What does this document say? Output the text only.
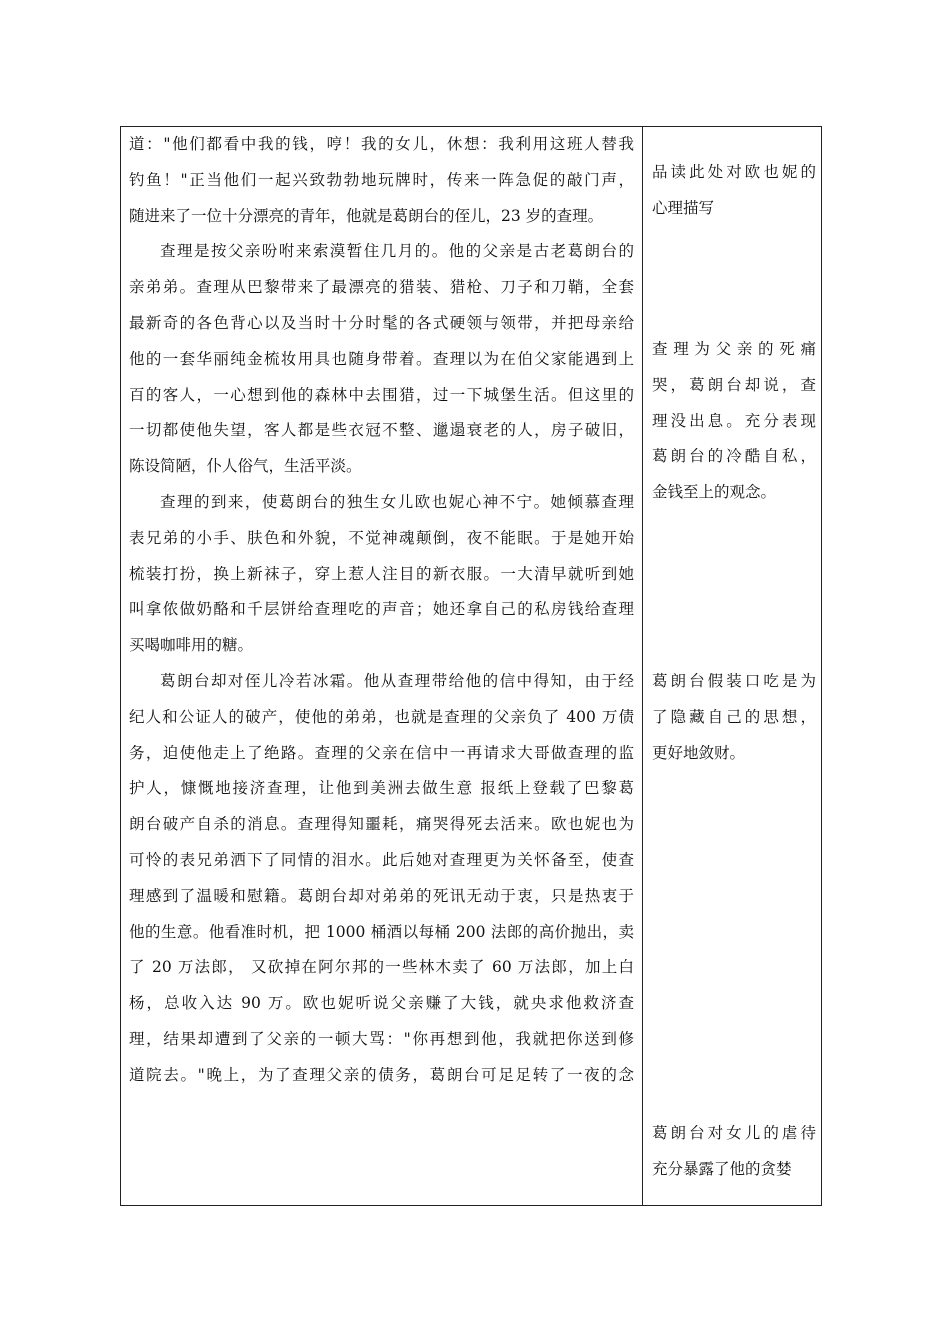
道："他们都看中我的钱，哼！我的女儿，休想：我利用这班人替我
钓鱼！"正当他们一起兴致勃勃地玩牌时，传来一阵急促的敲门声，
随进来了一位十分漂亮的青年，他就是葛朗台的侄儿，23 岁的查理。
查理是按父亲吩咐来索漠暂住几月的。他的父亲是古老葛朗台的
亲弟弟。查理从巴黎带来了最漂亮的猎装、猎枪、刀子和刀鞘，全套
最新奇的各色背心以及当时十分时髦的各式硬领与领带，并把母亲给
他的一套华丽纯金梳妆用具也随身带着。查理以为在伯父家能遇到上
百的客人，一心想到他的森林中去围猎，过一下城堡生活。但这里的
一切都使他失望，客人都是些衣冠不整、邋遢衰老的人，房子破旧，
陈设简陋，仆人俗气，生活平淡。
查理的到来，使葛朗台的独生女儿欧也妮心神不宁。她倾慕查理
表兄弟的小手、肤色和外貌，不觉神魂颠倒，夜不能眠。于是她开始
梳装打扮，换上新袜子，穿上惹人注目的新衣服。一大清早就听到她
叫拿侬做奶酪和千层饼给查理吃的声音；她还拿自己的私房钱给查理
买喝咖啡用的糖。
葛朗台却对侄儿冷若冰霜。他从查理带给他的信中得知，由于经
纪人和公证人的破产，使他的弟弟，也就是查理的父亲负了 400 万债
务，迫使他走上了绝路。查理的父亲在信中一再请求大哥做查理的监
护人，慷慨地接济查理，让他到美洲去做生意 报纸上登载了巴黎葛
朗台破产自杀的消息。查理得知噩耗，痛哭得死去活来。欧也妮也为
可怜的表兄弟洒下了同情的泪水。此后她对查理更为关怀备至，使查
理感到了温暖和慰籍。葛朗台却对弟弟的死讯无动于衷，只是热衷于
他的生意。他看准时机，把 1000 桶酒以每桶 200 法郎的高价抛出，卖
了 20 万法郎， 又砍掉在阿尔邦的一些林木卖了 60 万法郎，加上白
杨，总收入达 90 万。欧也妮听说父亲赚了大钱，就央求他救济查
理，结果却遭到了父亲的一顿大骂："你再想到他，我就把你送到修
道院去。"晚上，为了查理父亲的债务，葛朗台可足足转了一夜的念
品读此处对欧也妮的
心理描写
查理为父亲的死痛
哭，葛朗台却说，查
理没出息。充分表现
葛朗台的冷酷自私，
金钱至上的观念。
葛朗台假装口吃是为
了隐藏自己的思想，
更好地敛财。
葛朗台对女儿的虐待
充分暴露了他的贪婪
